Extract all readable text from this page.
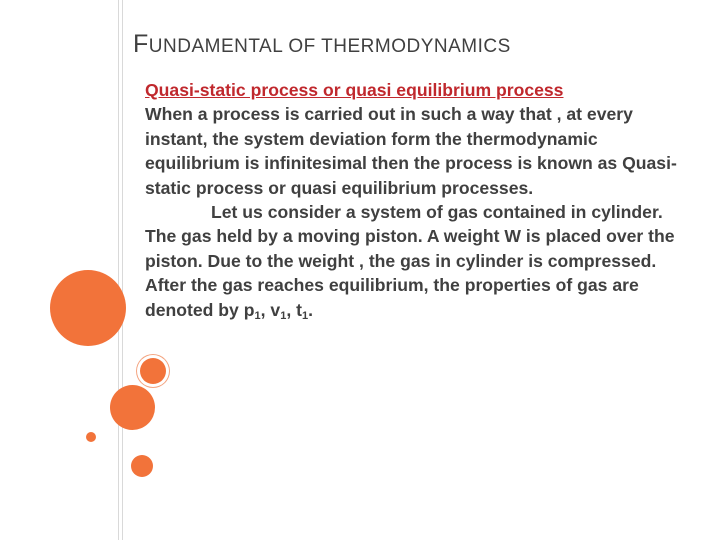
FUNDAMENTAL OF THERMODYNAMICS
Quasi-static process or quasi equilibrium process

When a process is carried out in such a way that , at every instant, the system deviation form the thermodynamic equilibrium is infinitesimal then the process is known as Quasi-static process or quasi equilibrium processes.

Let us consider a system of gas contained in cylinder. The gas held by a moving piston. A weight W is placed over the piston. Due to the weight , the gas in cylinder is compressed. After the gas reaches equilibrium, the properties of gas are denoted by $p_1$, $v_1$, $t_1$.
